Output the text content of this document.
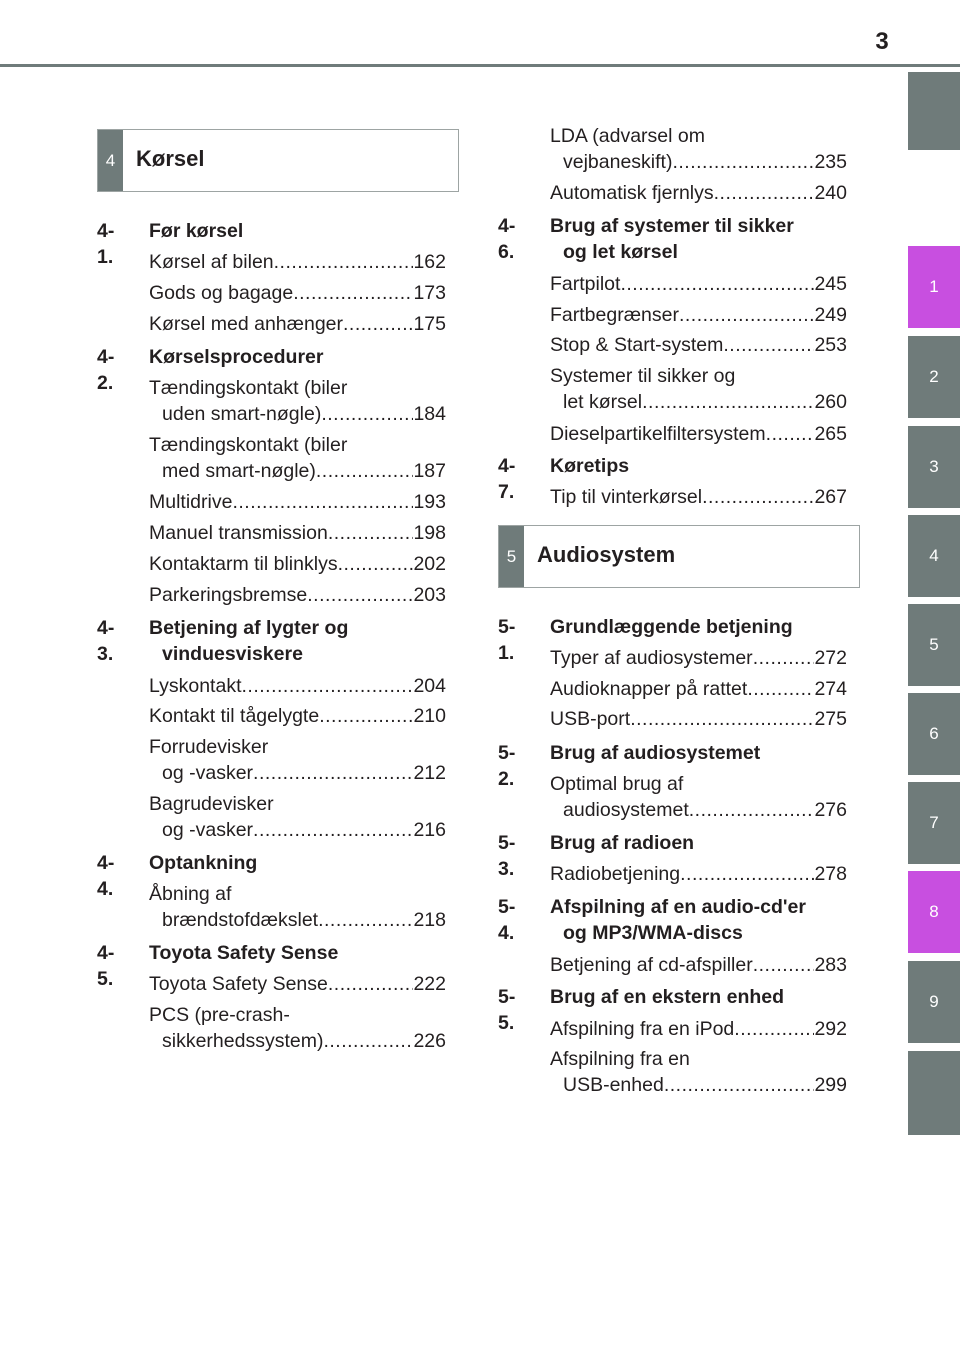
3
1
2
3
4
5
6
7
8
9
4 Kørsel
4-1.
Før kørsel
Kørsel af bilen .....	162
Gods og bagage .....	173
Kørsel med anhænger .....	175
4-2.
Kørselsprocedurer
Tændingskontakt (biler
uden smart-nøgle) .....	184
Tændingskontakt (biler
med smart-nøgle) .....	187
Multidrive .....	193
Manuel transmission .....	198
Kontaktarm til blinklys .....	202
Parkeringsbremse .....	203
4-3.
Betjening af lygter og
vinduesviskere
Lyskontakt .....	204
Kontakt til tågelygte .....	210
Forrudevisker
og -vasker .....	212
Bagrudevisker
og -vasker .....	216
4-4.
Optankning
Åbning af
brændstofdækslet .....	218
4-5.
Toyota Safety Sense
Toyota Safety Sense .....	222
PCS (pre-crash-
sikkerhedssystem) .....	226
LDA (advarsel om
vejbaneskift) .....	235
Automatisk fjernlys .....	240
4-6.
Brug af systemer til sikker
og let kørsel
Fartpilot .....	245
Fartbegrænser .....	249
Stop & Start-system .....	253
Systemer til sikker og
let kørsel .....	260
Dieselpartikelfiltersystem .....	265
4-7.
Køretips
Tip til vinterkørsel .....	267
5 Audiosystem
5-1.
Grundlæggende betjening
Typer af audiosystemer .....	272
Audioknapper på rattet .....	274
USB-port .....	275
5-2.
Brug af audiosystemet
Optimal brug af
audiosystemet .....	276
5-3.
Brug af radioen
Radiobetjening .....	278
5-4.
Afspilning af en audio-cd'er
og MP3/WMA-discs
Betjening af cd-afspiller .....	283
5-5.
Brug af en ekstern enhed
Afspilning fra en iPod .....	292
Afspilning fra en
USB-enhed .....	299
